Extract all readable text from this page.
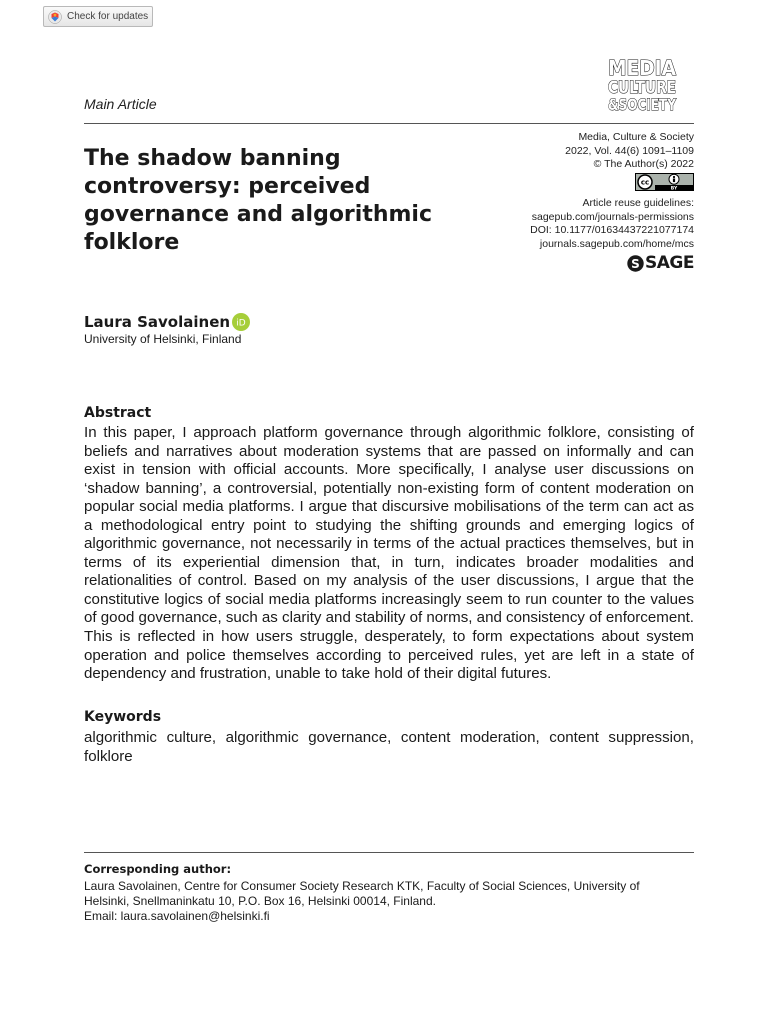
Check for updates
MEDIA
CULTURE
&SOCIETY
Main Article
The shadow banning controversy: perceived governance and algorithmic folklore
Media, Culture & Society
2022, Vol. 44(6) 1091–1109
© The Author(s) 2022
cc
BY
Article reuse guidelines:
sagepub.com/journals-permissions
DOI: 10.1177/01634437221077174
journals.sagepub.com/home/mcs
S SAGE
Laura Savolainen iD
University of Helsinki, Finland
Abstract

In this paper, I approach platform governance through algorithmic folklore, consisting of beliefs and narratives about moderation systems that are passed on informally and can exist in tension with official accounts. More specifically, I analyse user discussions on ‘shadow banning’, a controversial, potentially non-existing form of content moderation on popular social media platforms. I argue that discursive mobilisations of the term can act as a methodological entry point to studying the shifting grounds and emerging logics of algorithmic governance, not necessarily in terms of the actual practices themselves, but in terms of its experiential dimension that, in turn, indicates broader modalities and relationalities of control. Based on my analysis of the user discussions, I argue that the constitutive logics of social media platforms increasingly seem to run counter to the values of good governance, such as clarity and stability of norms, and consistency of enforcement. This is reflected in how users struggle, desperately, to form expectations about system operation and police themselves according to perceived rules, yet are left in a state of dependency and frustration, unable to take hold of their digital futures.

Keywords

algorithmic culture, algorithmic governance, content moderation, content suppression, folklore

Corresponding author:

Laura Savolainen, Centre for Consumer Society Research KTK, Faculty of Social Sciences, University of Helsinki, Snellmaninkatu 10, P.O. Box 16, Helsinki 00014, Finland.

Email: laura.savolainen@helsinki.fi
